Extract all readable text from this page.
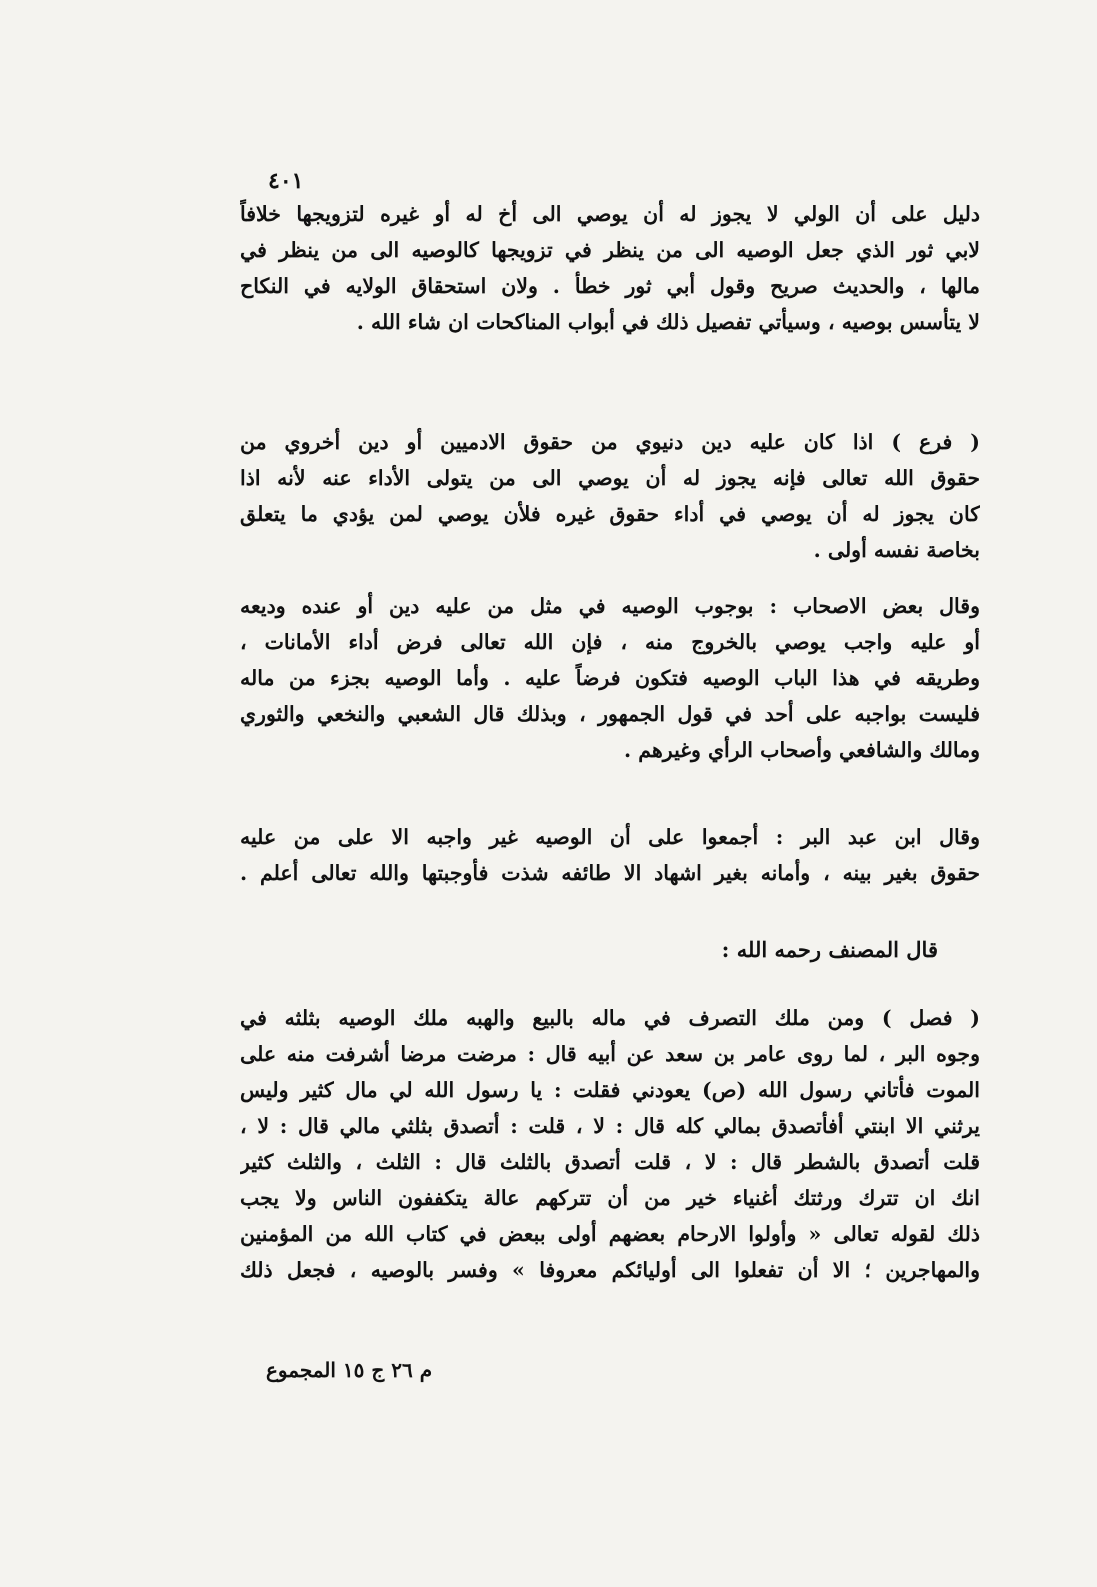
٤٠١
دليل على أن الولي لا يجوز له أن يوصي الى أخ له أو غيره لتزويجها خلافاً
لابي ثور الذي جعل الوصيه الى من ينظر في تزويجها كالوصيه الى من ينظر في
مالها ، والحديث صريح وقول أبي ثور خطأ . ولان استحقاق الولايه في النكاح
لا يتأسس بوصيه ، وسيأتي تفصيل ذلك في أبواب المناكحات ان شاء الله .
( فرع ) اذا كان عليه دين دنيوي من حقوق الادميين أو دين أخروي من
حقوق الله تعالى فإنه يجوز له أن يوصي الى من يتولى الأداء عنه لأنه اذا
كان يجوز له أن يوصي في أداء حقوق غيره فلأن يوصي لمن يؤدي ما يتعلق
بخاصة نفسه أولى .
وقال بعض الاصحاب : بوجوب الوصيه في مثل من عليه دين أو عنده وديعه
أو عليه واجب يوصي بالخروج منه ، فإن الله تعالى فرض أداء الأمانات ،
وطريقه في هذا الباب الوصيه فتكون فرضاً عليه . وأما الوصيه بجزء من ماله
فليست بواجبه على أحد في قول الجمهور ، وبذلك قال الشعبي والنخعي والثوري
ومالك والشافعي وأصحاب الرأي وغيرهم .
وقال ابن عبد البر : أجمعوا على أن الوصيه غير واجبه الا على من عليه
حقوق بغير بينه ، وأمانه بغير اشهاد الا طائفه شذت فأوجبتها والله تعالى أعلم .
قال المصنف رحمه الله :
( فصل ) ومن ملك التصرف في ماله بالبيع والهبه ملك الوصيه بثلثه في
وجوه البر ، لما روى عامر بن سعد عن أبيه قال : مرضت مرضا أشرفت منه على
الموت فأتاني رسول الله (ص) يعودني فقلت : يا رسول الله لي مال كثير وليس
يرثني الا ابنتي أفأتصدق بمالي كله قال : لا ، قلت : أتصدق بثلثي مالي قال : لا ،
قلت أتصدق بالشطر قال : لا ، قلت أتصدق بالثلث قال : الثلث ، والثلث كثير
انك ان تترك ورثتك أغنياء خير من أن تتركهم عالة يتكففون الناس ولا يجب
ذلك لقوله تعالى « وأولوا الارحام بعضهم أولى ببعض في كتاب الله من المؤمنين
والمهاجرين ؛ الا أن تفعلوا الى أوليائكم معروفا » وفسر بالوصيه ، فجعل ذلك
م ٢٦ ج ١٥ المجموع
